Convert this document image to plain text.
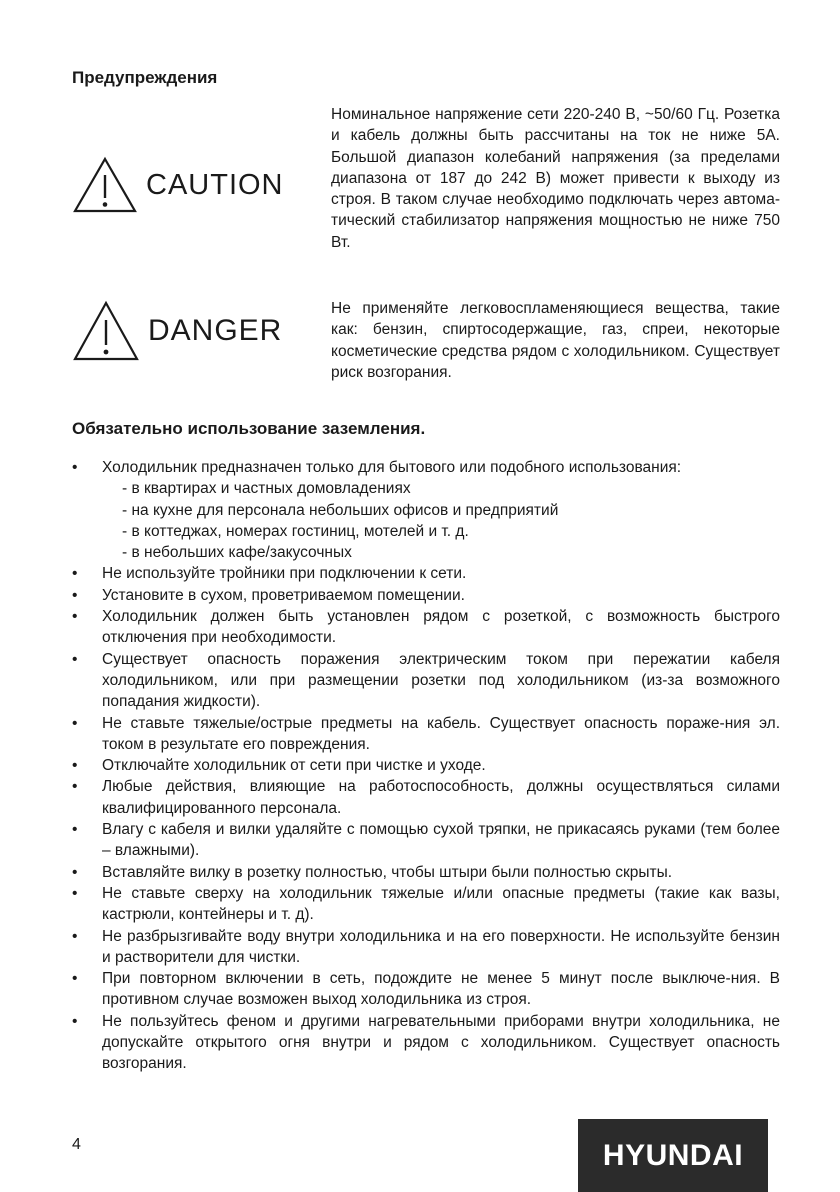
Предупреждения
CAUTION

Номинальное напряжение сети 220-240 В, ~50/60 Гц. Розетка и кабель должны быть рассчитаны на ток не ниже 5А. Большой диапазон колебаний напряжения (за пределами диапазона от 187 до 242 В) может привести к выходу из строя. В таком случае необходимо подключать через автома-тический стабилизатор напряжения мощностью не ниже 750 Вт.

DANGER

Не применяйте легковоспламеняющиеся вещества, такие как: бензин, спиртосодержащие, газ, спреи, некоторые косметические средства рядом с холодильником. Существует риск возгорания.

Обязательно использование заземления.
• Холодильник предназначен только для бытового или подобного использования:
- в квартирах и частных домовладениях
- на кухне для персонала небольших офисов и предприятий
- в коттеджах, номерах гостиниц, мотелей и т. д.
- в небольших кафе/закусочных
• Не используйте тройники при подключении к сети.
• Установите в сухом, проветриваемом помещении.
• Холодильник должен быть установлен рядом с розеткой, с возможность быстрого отключения при необходимости.
• Существует опасность поражения электрическим током при пережатии кабеля холодильником, или при размещении розетки под холодильником (из-за возможного попадания жидкости).
• Не ставьте тяжелые/острые предметы на кабель. Существует опасность пораже-ния эл. током в результате его повреждения.
• Отключайте холодильник от сети при чистке и уходе.
• Любые действия, влияющие на работоспособность, должны осуществляться силами квалифицированного персонала.
• Влагу с кабеля и вилки удаляйте с помощью сухой тряпки, не прикасаясь руками (тем более – влажными).
• Вставляйте вилку в розетку полностью, чтобы штыри были полностью скрыты.
• Не ставьте сверху на холодильник тяжелые и/или опасные предметы (такие как вазы, кастрюли, контейнеры и т. д).
• Не разбрызгивайте воду внутри холодильника и на его поверхности. Не используйте бензин и растворители для чистки.
• При повторном включении в сеть, подождите не менее 5 минут после выключе-ния. В противном случае возможен выход холодильника из строя.
• Не пользуйтесь феном и другими нагревательными приборами внутри холодильника, не допускайте открытого огня внутри и рядом с холодильником. Существует опасность возгорания.

4	HYUNDAI
